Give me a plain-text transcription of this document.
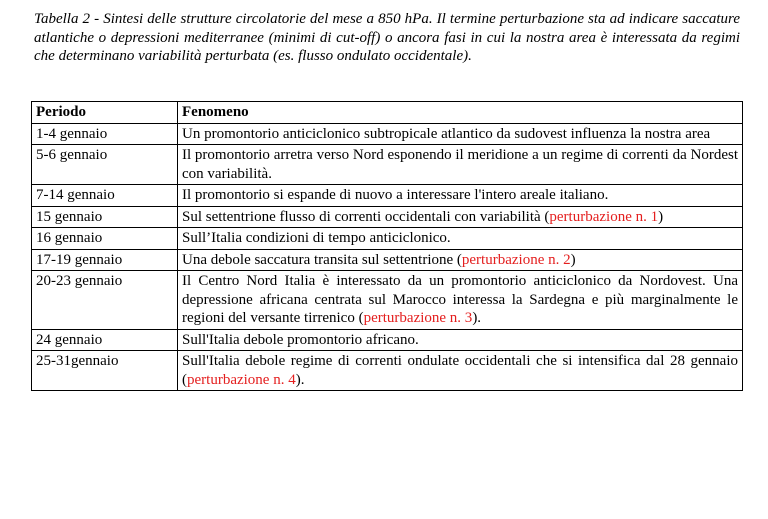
Tabella 2 - Sintesi delle strutture circolatorie del mese a 850 hPa. Il termine perturbazione sta ad indicare saccature atlantiche o depressioni mediterranee (minimi di cut-off) o ancora fasi in cui la nostra area è interessata da regimi che determinano variabilità perturbata (es. flusso ondulato occidentale).
Periodo	Fenomeno
1-4 gennaio	Un promontorio anticiclonico subtropicale atlantico da sudovest influenza la nostra area
5-6 gennaio	Il promontorio arretra verso Nord esponendo il meridione a un regime di correnti da Nordest con variabilità.
7-14 gennaio	Il promontorio si espande di nuovo a interessare l'intero areale italiano.
15 gennaio	Sul settentrione flusso di correnti occidentali con variabilità (perturbazione n. 1)
16 gennaio	Sull’Italia condizioni di tempo anticiclonico.
17-19 gennaio	Una debole saccatura transita sul settentrione (perturbazione n. 2)
20-23 gennaio	Il Centro Nord Italia è interessato da un promontorio anticiclonico da Nordovest. Una depressione africana centrata sul Marocco interessa la Sardegna e più marginalmente le regioni del versante tirrenico (perturbazione n. 3).
24 gennaio	Sull'Italia debole promontorio africano.
25-31gennaio	Sull'Italia debole regime di correnti ondulate occidentali che si intensifica dal 28 gennaio (perturbazione n. 4).
